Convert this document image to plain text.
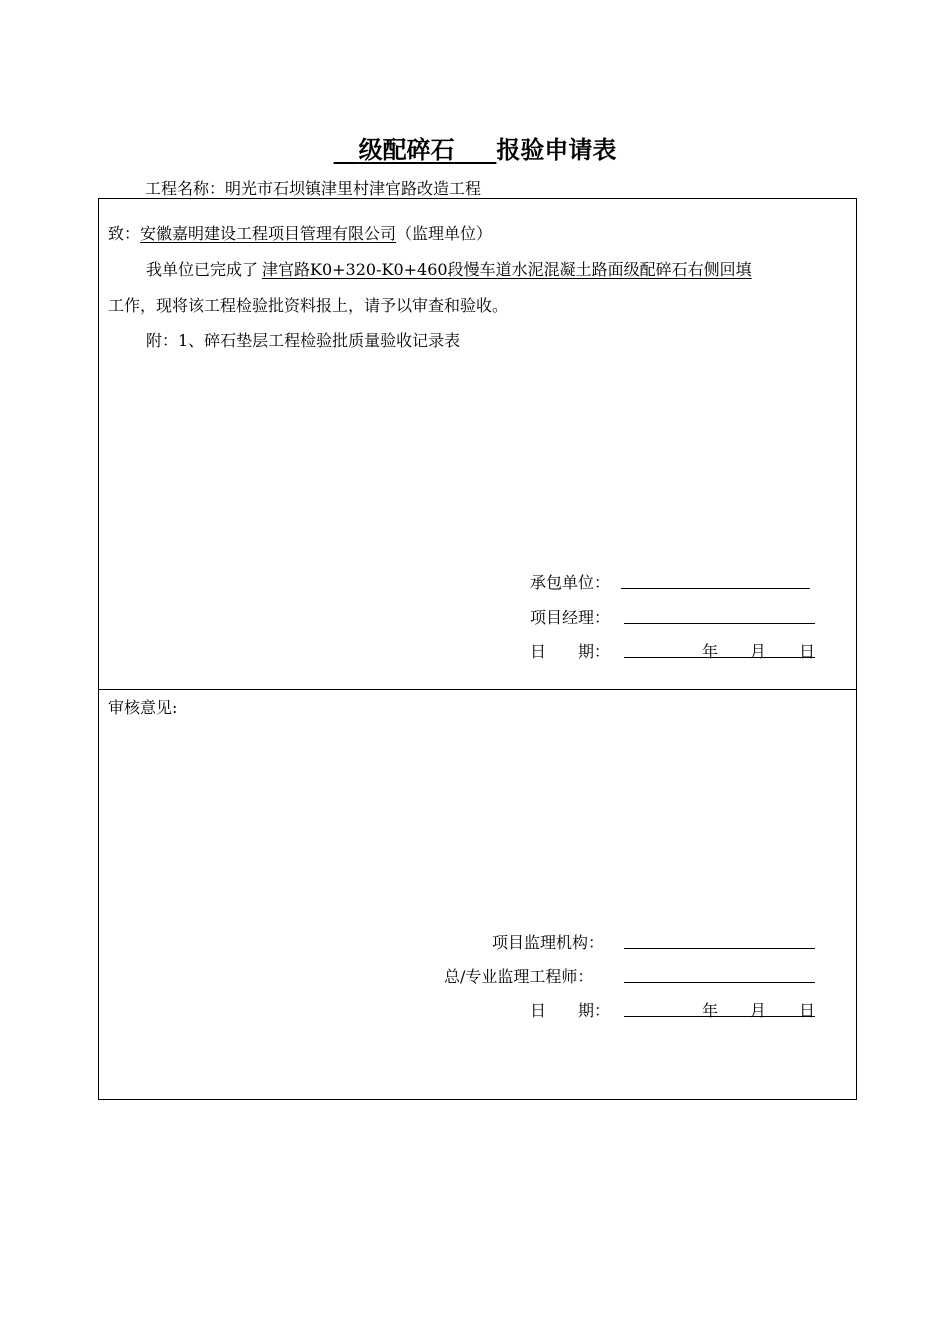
级配碎石 报验申请表
工程名称：明光市石坝镇津里村津官路改造工程
致：安徽嘉明建设工程项目管理有限公司（监理单位）
我单位已完成了 津官路K0+320-K0+460段慢车道水泥混凝土路面级配碎石右侧回填
工作，现将该工程检验批资料报上，请予以审查和验收。
附：1、碎石垫层工程检验批质量验收记录表
承包单位：
项目经理：
日　　期：	年 月 日
审核意见:
项目监理机构：
总/专业监理工程师：
日　　期：	年 月 日
